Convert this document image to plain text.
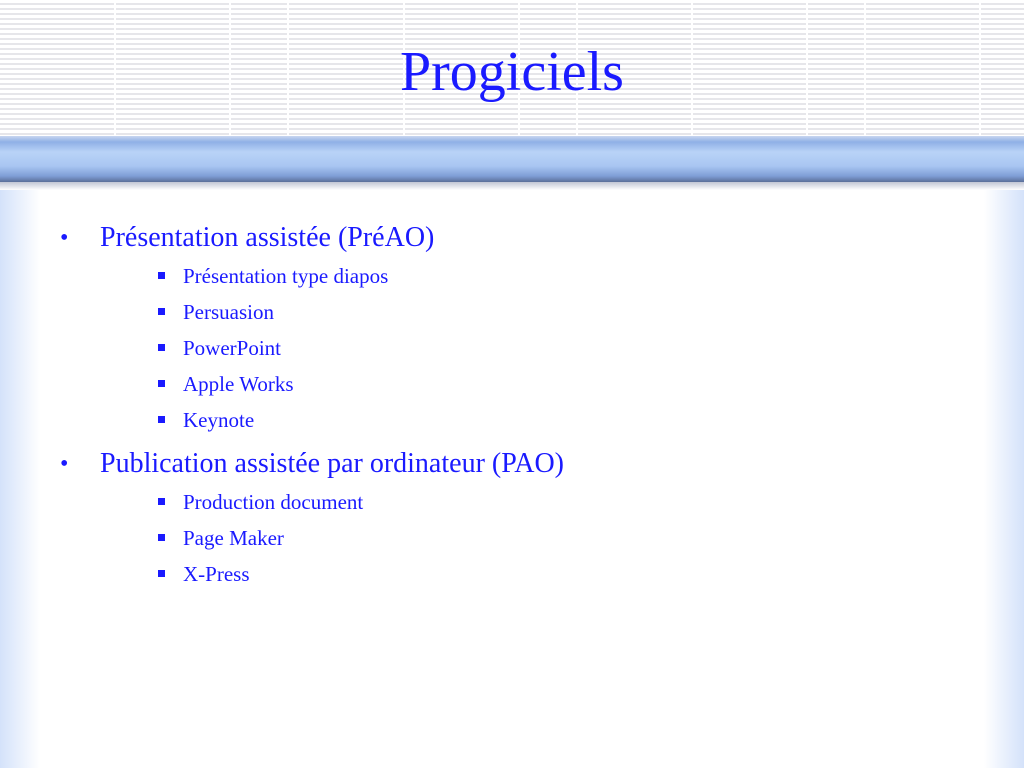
Progiciels
•	Présentation assistée (PréAO)
Présentation type diapos
Persuasion
PowerPoint
Apple Works
Keynote
•	Publication assistée par ordinateur (PAO)
Production document
Page Maker
X-Press
